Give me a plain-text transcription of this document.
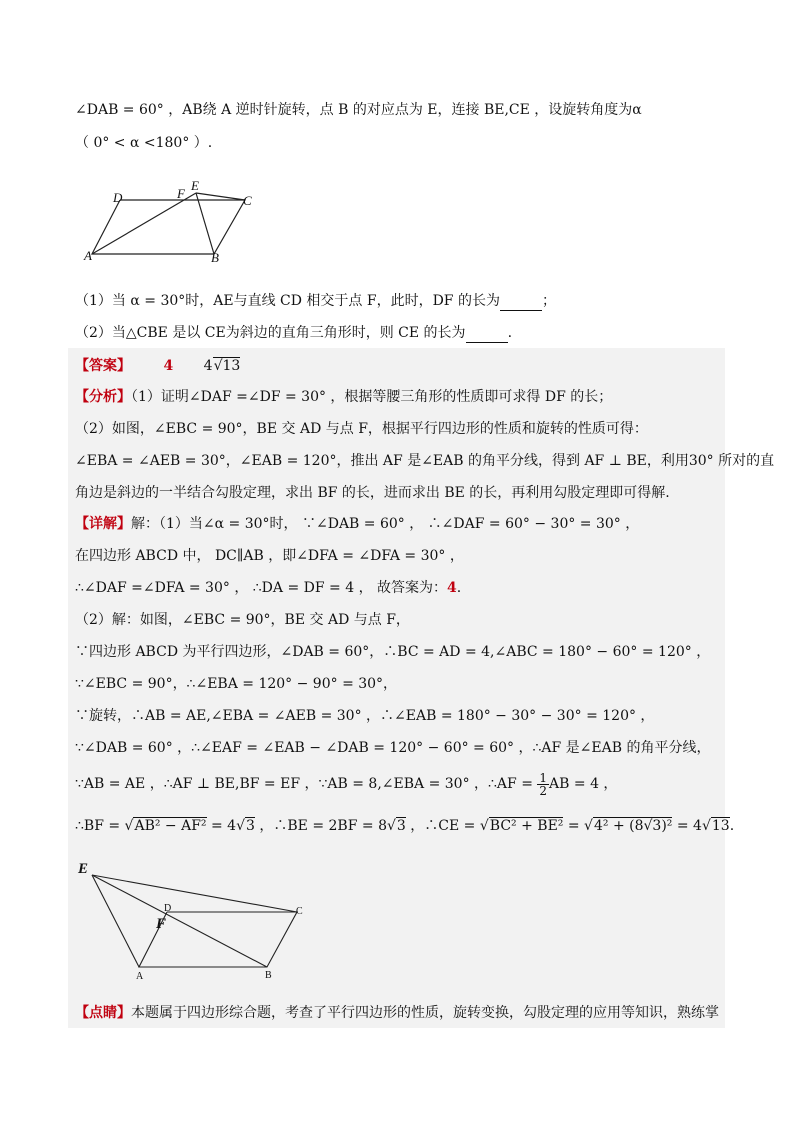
∠DAB = 60° ，AB绕 A 逆时针旋转，点 B 的对应点为 E，连接 BE,CE ，设旋转角度为α
（ 0° < α <180° ）.
D	F
E
C
A	B
（1）当 α = 30°时，AE与直线 CD 相交于点 F，此时，DF 的长为	；
（2）当△CBE 是以 CE为斜边的直角三角形时，则 CE 的长为	.
【答案】 4 4√13
【分析】（1）证明∠DAF =∠DF = 30° ，根据等腰三角形的性质即可求得 DF 的长；
（2）如图，∠EBC = 90°，BE 交 AD 与点 F，根据平行四边形的性质和旋转的性质可得：
∠EBA = ∠AEB = 30°，∠EAB = 120°，推出 AF 是∠EAB 的角平分线，得到 AF ⊥ BE，利用30° 所对的直
角边是斜边的一半结合勾股定理，求出 BF 的长，进而求出 BE 的长，再利用勾股定理即可得解.
【详解】解：（1）当∠α = 30°时， ∵∠DAB = 60° ， ∴∠DAF = 60° − 30° = 30° ，
在四边形 ABCD 中， DC∥AB ，即∠DFA = ∠DFA = 30° ，
∴∠DAF =∠DFA = 30° ， ∴DA = DF = 4 ， 故答案为：4.
（2）解：如图，∠EBC = 90°，BE 交 AD 与点 F，
∵四边形 ABCD 为平行四边形，∠DAB = 60°，∴BC = AD = 4,∠ABC = 180° − 60° = 120° ，
∵∠EBC = 90°，∴∠EBA = 120° − 90° = 30°，
∵旋转，∴AB = AE,∠EBA = ∠AEB = 30° ，∴∠EAB = 180° − 30° − 30° = 120° ，
∵∠DAB = 60° ，∴∠EAF = ∠EAB − ∠DAB = 120° − 60° = 60° ，∴AF 是∠EAB 的角平分线，
∵AB = AE ，∴AF ⊥ BE,BF = EF ，∵AB = 8,∠EBA = 30° ，∴AF = $\frac{1}{2}$ AB = 4 ，
∴BF = √AB² − AF² = 4√3 ，∴BE = 2BF = 8√3 ，∴CE = √BC² + BE² = √4² + (8√3)² = 4√13.
E
F
D	C
A	B
【点睛】本题属于四边形综合题，考查了平行四边形的性质，旋转变换，勾股定理的应用等知识，熟练掌
